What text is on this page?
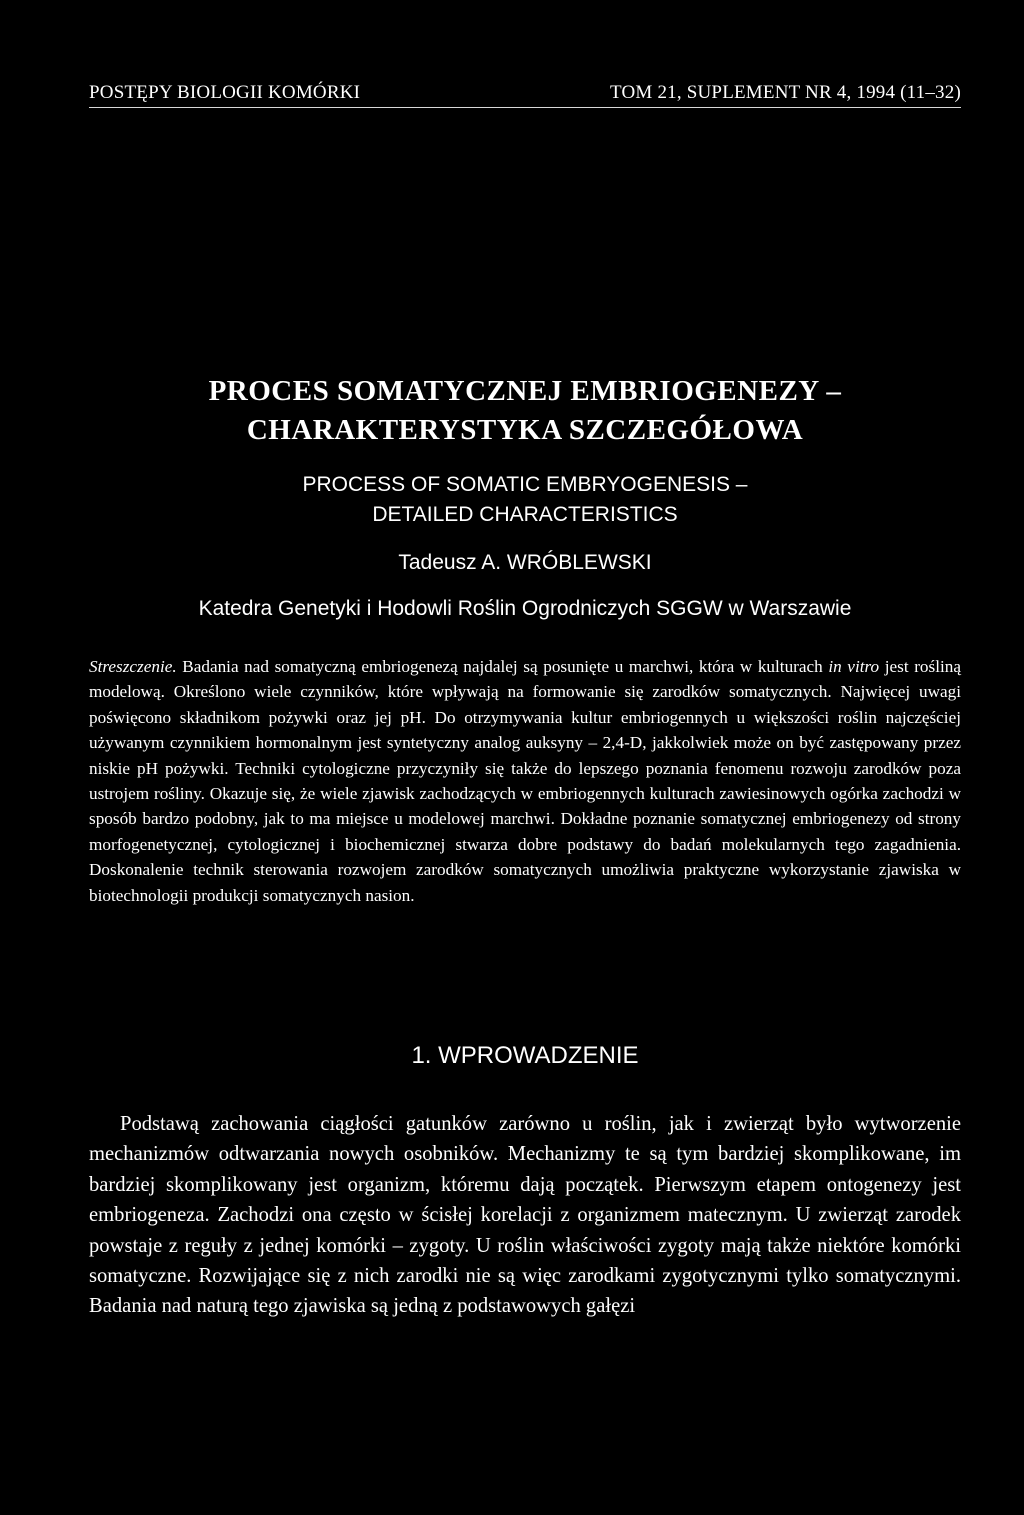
POSTĘPY BIOLOGII KOMÓRKI	TOM 21, SUPLEMENT NR 4, 1994 (11–32)
PROCES SOMATYCZNEJ EMBRIOGENEZY –
CHARAKTERYSTYKA SZCZEGÓŁOWA
PROCESS OF SOMATIC EMBRYOGENESIS –
DETAILED CHARACTERISTICS
Tadeusz A. WRÓBLEWSKI
Katedra Genetyki i Hodowli Roślin Ogrodniczych SGGW w Warszawie

Streszczenie. Badania nad somatyczną embriogenezą najdalej są posunięte u marchwi, która w kulturach in vitro jest rośliną modelową. Określono wiele czynników, które wpływają na formowanie się zarodków somatycznych. Najwięcej uwagi poświęcono składnikom pożywki oraz jej pH. Do otrzymywania kultur embriogennych u większości roślin najczęściej używanym czynnikiem hormonalnym jest syntetyczny analog auksyny – 2,4-D, jakkolwiek może on być zastępowany przez niskie pH pożywki. Techniki cytologiczne przyczyniły się także do lepszego poznania fenomenu rozwoju zarodków poza ustrojem rośliny. Okazuje się, że wiele zjawisk zachodzących w embriogennych kulturach zawiesinowych ogórka zachodzi w sposób bardzo podobny, jak to ma miejsce u modelowej marchwi. Dokładne poznanie somatycznej embriogenezy od strony morfogenetycznej, cytologicznej i biochemicznej stwarza dobre podstawy do badań molekularnych tego zagadnienia. Doskonalenie technik sterowania rozwojem zarodków somatycznych umożliwia praktyczne wykorzystanie zjawiska w biotechnologii produkcji somatycznych nasion.

1. WPROWADZENIE

Podstawą zachowania ciągłości gatunków zarówno u roślin, jak i zwierząt było wytworzenie mechanizmów odtwarzania nowych osobników. Mechanizmy te są tym bardziej skomplikowane, im bardziej skomplikowany jest organizm, któremu dają początek. Pierwszym etapem ontogenezy jest embriogeneza. Zachodzi ona często w ścisłej korelacji z organizmem matecznym. U zwierząt zarodek powstaje z reguły z jednej komórki – zygoty. U roślin właściwości zygoty mają także niektóre komórki somatyczne. Rozwijające się z nich zarodki nie są więc zarodkami zygotycznymi tylko somatycznymi. Badania nad naturą tego zjawiska są jedną z podstawowych gałęzi
